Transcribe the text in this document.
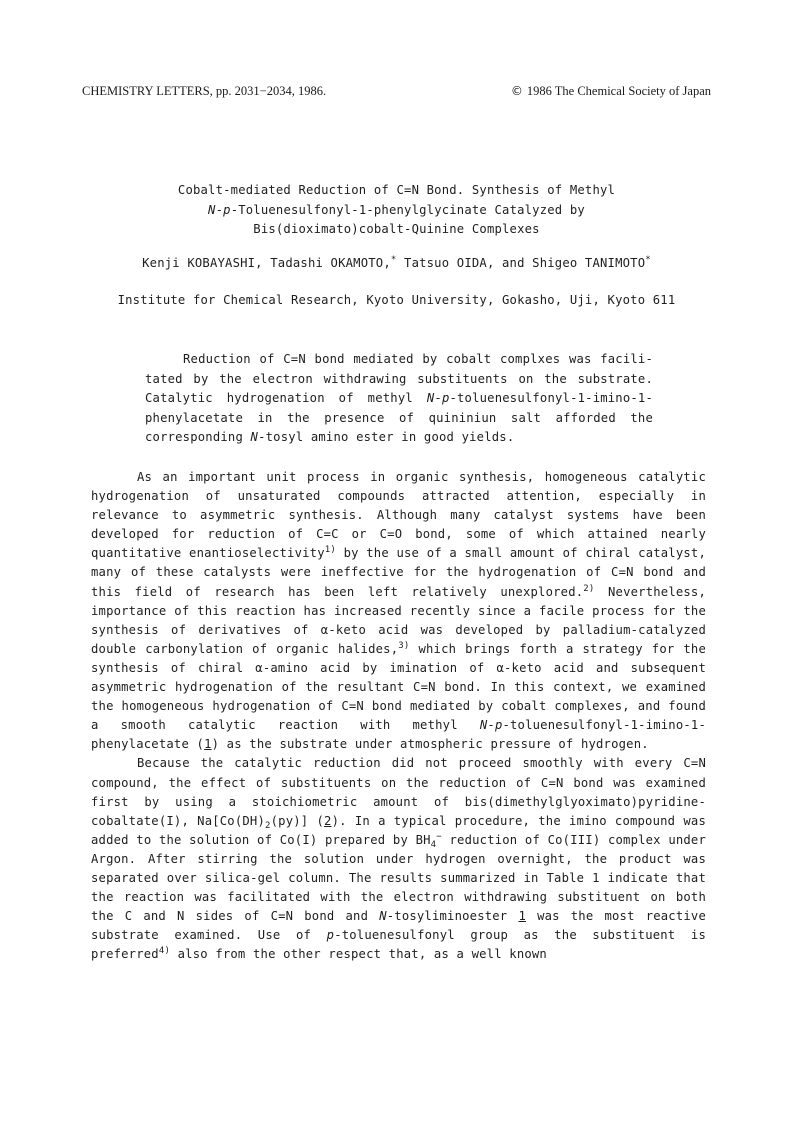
CHEMISTRY LETTERS, pp. 2031−2034, 1986.	© 1986 The Chemical Society of Japan
Cobalt-mediated Reduction of C=N Bond. Synthesis of Methyl
N-p-Toluenesulfonyl-1-phenylglycinate Catalyzed by
Bis(dioximato)cobalt-Quinine Complexes
Kenji KOBAYASHI, Tadashi OKAMOTO,* Tatsuo OIDA, and Shigeo TANIMOTO*
Institute for Chemical Research, Kyoto University, Gokasho, Uji, Kyoto 611
Reduction of C=N bond mediated by cobalt complxes was facili-tated by the electron withdrawing substituents on the substrate. Catalytic hydrogenation of methyl N-p-toluenesulfonyl-1-imino-1-phenylacetate in the presence of quininiun salt afforded the corresponding N-tosyl amino ester in good yields.

As an important unit process in organic synthesis, homogeneous catalytic hydrogenation of unsaturated compounds attracted attention, especially in relevance to asymmetric synthesis. Although many catalyst systems have been developed for reduction of C=C or C=O bond, some of which attained nearly quantitative enantioselectivity$^{1)}$ by the use of a small amount of chiral catalyst, many of these catalysts were ineffective for the hydrogenation of C=N bond and this field of research has been left relatively unexplored.$^{2)}$ Nevertheless, importance of this reaction has increased recently since a facile process for the synthesis of derivatives of α-keto acid was developed by palladium-catalyzed double carbonylation of organic halides,$^{3)}$ which brings forth a strategy for the synthesis of chiral α-amino acid by imination of α-keto acid and subsequent asymmetric hydrogenation of the resultant C=N bond. In this context, we examined the homogeneous hydrogenation of C=N bond mediated by cobalt complexes, and found a smooth catalytic reaction with methyl N-p-toluenesulfonyl-1-imino-1-phenylacetate (1) as the substrate under atmospheric pressure of hydrogen.

Because the catalytic reduction did not proceed smoothly with every C=N compound, the effect of substituents on the reduction of C=N bond was examined first by using a stoichiometric amount of bis(dimethylglyoximato)pyridine-cobaltate(I), $Na[Co(DH)_2(py)]$ (2). In a typical procedure, the imino compound was added to the solution of Co(I) prepared by $BH_4^-$ reduction of Co(III) complex under Argon. After stirring the solution under hydrogen overnight, the product was separated over silica-gel column. The results summarized in Table 1 indicate that the reaction was facilitated with the electron withdrawing substituent on both the C and N sides of C=N bond and N-tosyliminoester 1 was the most reactive substrate examined. Use of p-toluenesulfonyl group as the substituent is preferred$^{4)}$ also from the other respect that, as a well known
